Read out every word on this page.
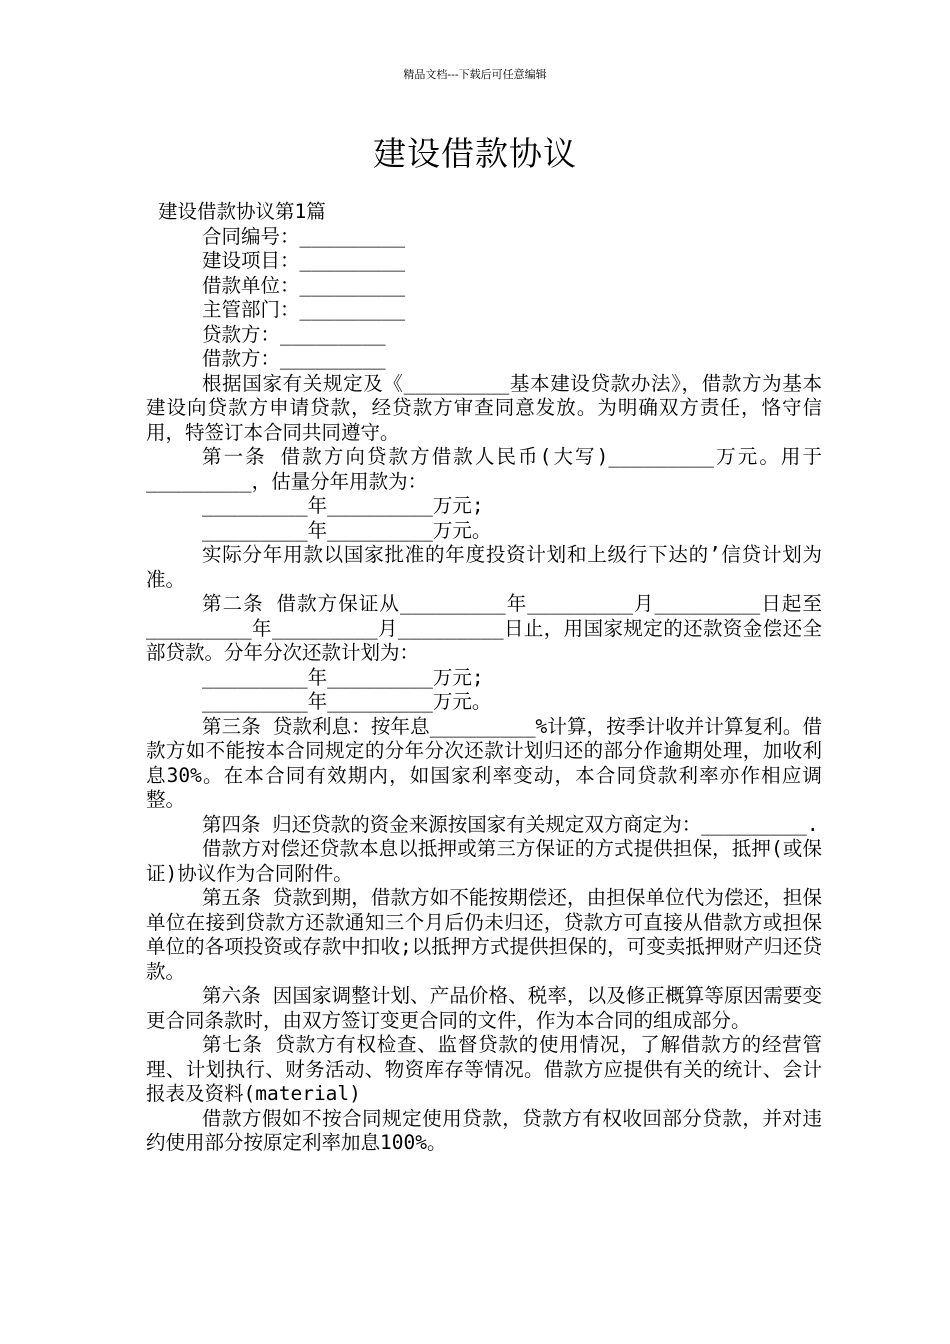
精品文档---下载后可任意编辑
建设借款协议
建设借款协议第1篇
合同编号：_________
建设项目：_________
借款单位：_________
主管部门：_________
贷款方：_________
借款方：_________
根据国家有关规定及《_________基本建设贷款办法》，借款方为基本建设向贷款方申请贷款，经贷款方审查同意发放。为明确双方责任，恪守信用，特签订本合同共同遵守。
第一条 借款方向贷款方借款人民币(大写)_________万元。用于_________，估量分年用款为：
_________年_________万元;
_________年_________万元。
实际分年用款以国家批准的年度投资计划和上级行下达的’信贷计划为准。
第二条 借款方保证从_________年_________月_________日起至_________年_________月_________日止，用国家规定的还款资金偿还全部贷款。分年分次还款计划为：
_________年_________万元;
_________年_________万元。
第三条 贷款利息：按年息_________%计算，按季计收并计算复利。借款方如不能按本合同规定的分年分次还款计划归还的部分作逾期处理，加收利息30%。在本合同有效期内，如国家利率变动，本合同贷款利率亦作相应调整。
第四条 归还贷款的资金来源按国家有关规定双方商定为：_________.
借款方对偿还贷款本息以抵押或第三方保证的方式提供担保，抵押(或保证)协议作为合同附件。
第五条 贷款到期，借款方如不能按期偿还，由担保单位代为偿还，担保单位在接到贷款方还款通知三个月后仍未归还，贷款方可直接从借款方或担保单位的各项投资或存款中扣收;以抵押方式提供担保的，可变卖抵押财产归还贷款。
第六条 因国家调整计划、产品价格、税率，以及修正概算等原因需要变更合同条款时，由双方签订变更合同的文件，作为本合同的组成部分。
第七条 贷款方有权检查、监督贷款的使用情况，了解借款方的经营管理、计划执行、财务活动、物资库存等情况。借款方应提供有关的统计、会计报表及资料(material)
借款方假如不按合同规定使用贷款，贷款方有权收回部分贷款，并对违约使用部分按原定利率加息100%。
